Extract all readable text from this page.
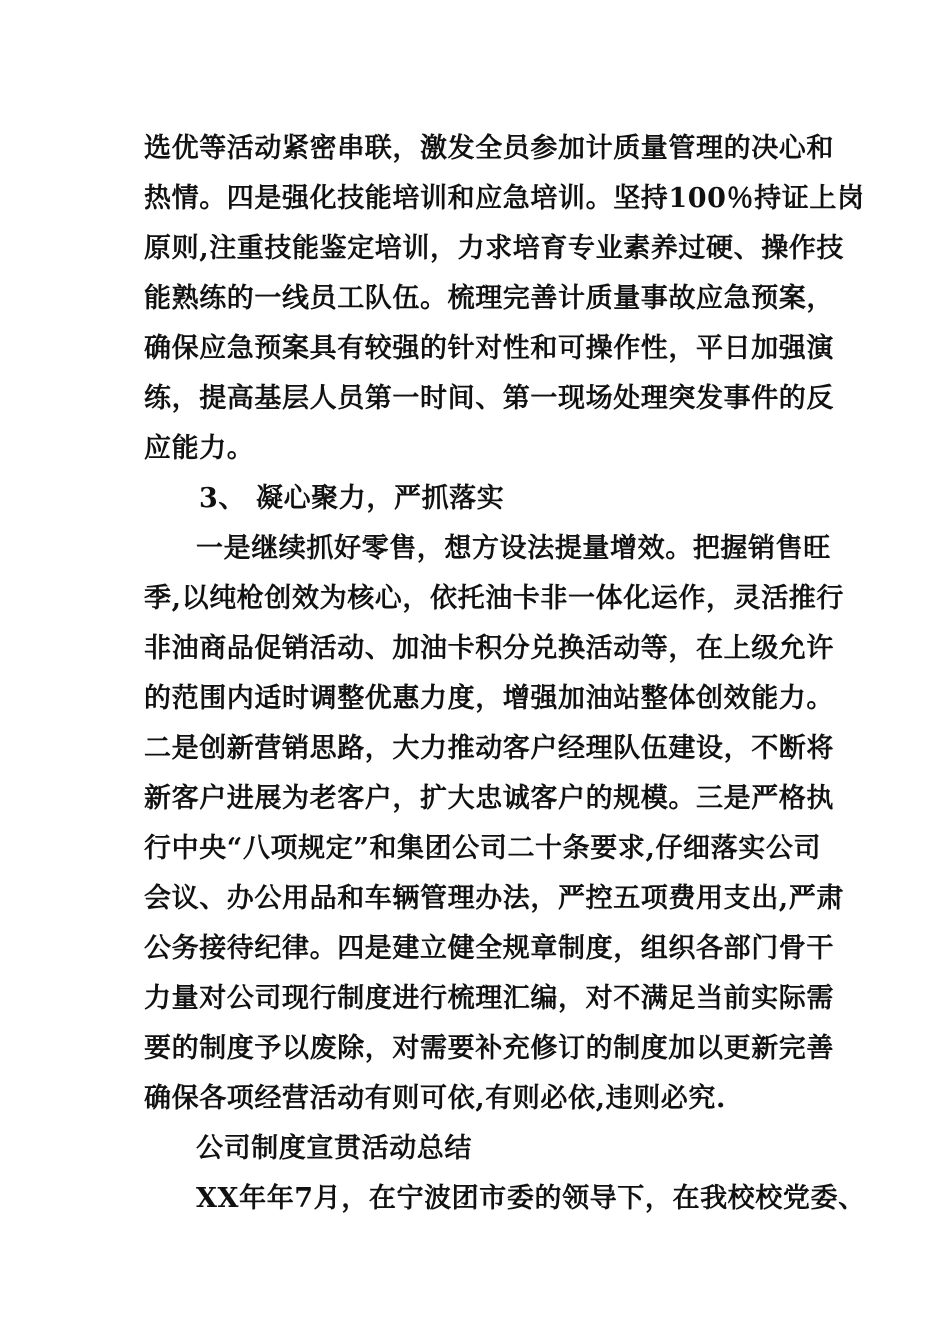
选优等活动紧密串联，激发全员参加计质量管理的决心和
热情。四是强化技能培训和应急培训。坚持100％持证上岗
原则,注重技能鉴定培训，力求培育专业素养过硬、操作技
能熟练的一线员工队伍。梳理完善计质量事故应急预案，
确保应急预案具有较强的针对性和可操作性，平日加强演
练，提高基层人员第一时间、第一现场处理突发事件的反
应能力。
3、 凝心聚力，严抓落实
一是继续抓好零售，想方设法提量增效。把握销售旺
季,以纯枪创效为核心，依托油卡非一体化运作，灵活推行
非油商品促销活动、加油卡积分兑换活动等，在上级允许
的范围内适时调整优惠力度，增强加油站整体创效能力。
二是创新营销思路，大力推动客户经理队伍建设，不断将
新客户进展为老客户，扩大忠诚客户的规模。三是严格执
行中央“八项规定”和集团公司二十条要求,仔细落实公司
会议、办公用品和车辆管理办法，严控五项费用支出,严肃
公务接待纪律。四是建立健全规章制度，组织各部门骨干
力量对公司现行制度进行梳理汇编，对不满足当前实际需
要的制度予以废除，对需要补充修订的制度加以更新完善
确保各项经营活动有则可依,有则必依,违则必究.
公司制度宣贯活动总结
XX年年7月，在宁波团市委的领导下，在我校校党委、
